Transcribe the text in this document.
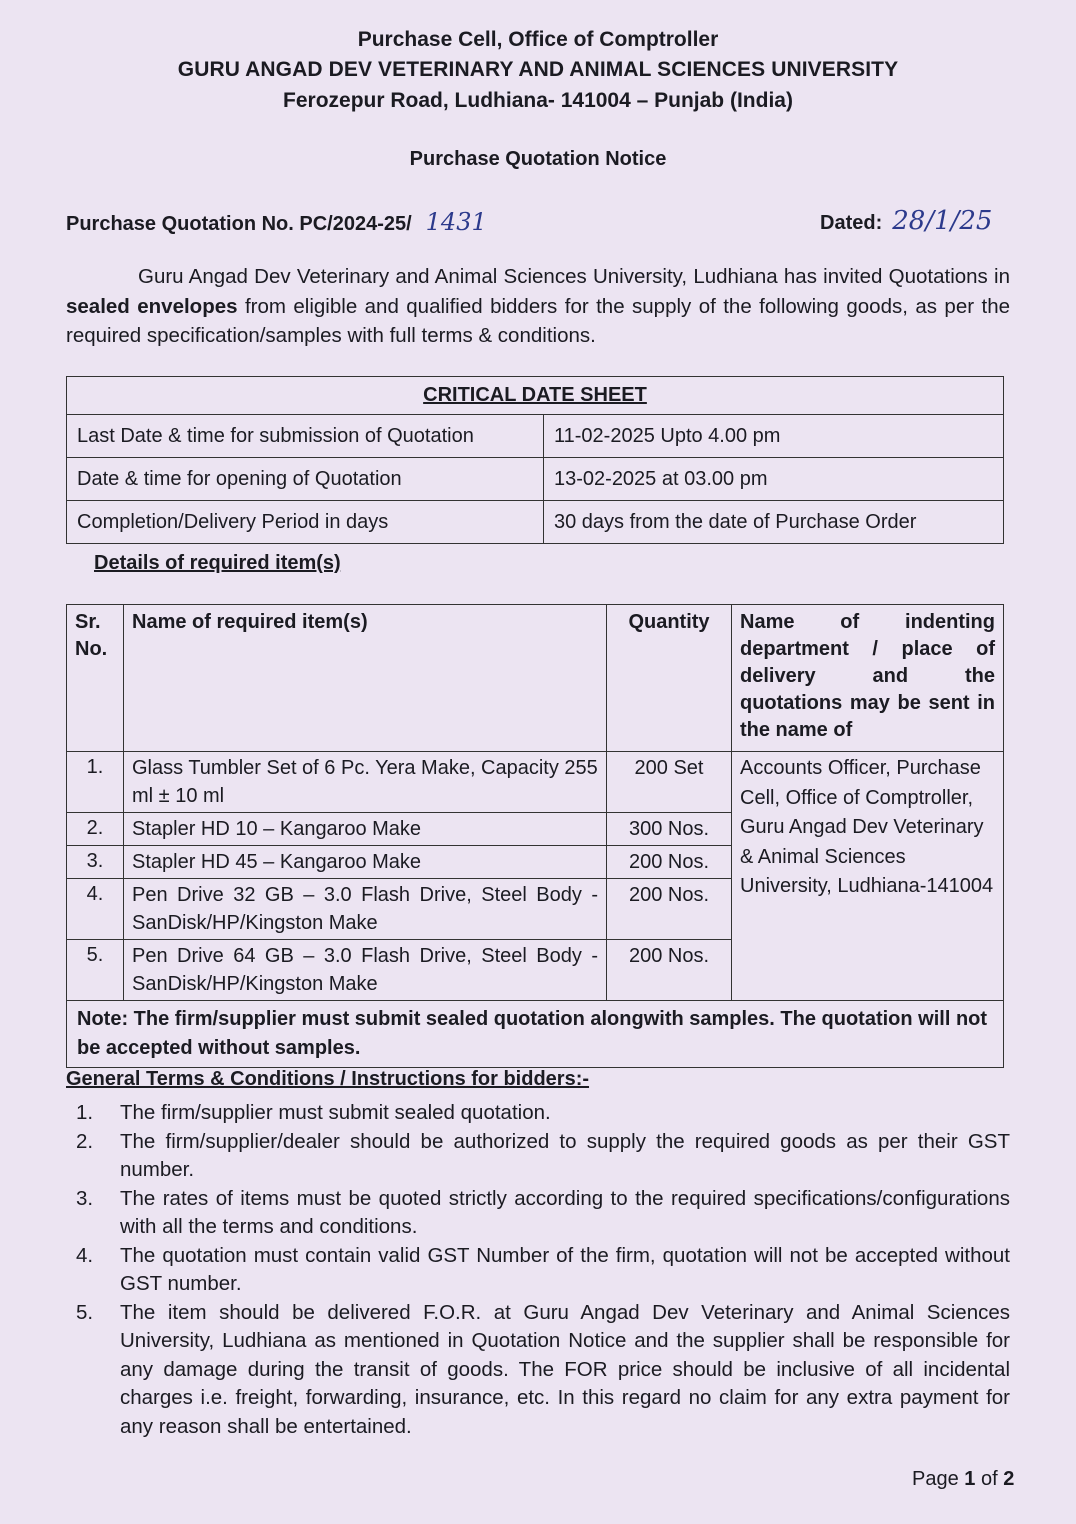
Purchase Cell, Office of Comptroller
GURU ANGAD DEV VETERINARY AND ANIMAL SCIENCES UNIVERSITY
Ferozepur Road, Ludhiana- 141004 – Punjab (India)
Purchase Quotation Notice
Purchase Quotation No. PC/2024-25/ 1431	Dated: 28/1/25
Guru Angad Dev Veterinary and Animal Sciences University, Ludhiana has invited Quotations in sealed envelopes from eligible and qualified bidders for the supply of the following goods, as per the required specification/samples with full terms & conditions.
CRITICAL DATE SHEET	
Last Date & time for submission of Quotation	11-02-2025 Upto 4.00 pm
Date & time for opening of Quotation	13-02-2025 at 03.00 pm
Completion/Delivery Period in days	30 days from the date of Purchase Order
Details of required item(s)
Sr. No.	Name of required item(s)	Quantity	Name of indenting department / place of delivery and the quotations may be sent in the name of
1.	Glass Tumbler Set of 6 Pc. Yera Make, Capacity 255 ml ± 10 ml	200 Set	Accounts Officer, Purchase Cell, Office of Comptroller, Guru Angad Dev Veterinary & Animal Sciences University, Ludhiana-141004
2.	Stapler HD 10 – Kangaroo Make	300 Nos.	
3.	Stapler HD 45 – Kangaroo Make	200 Nos.	
4.	Pen Drive 32 GB – 3.0 Flash Drive, Steel Body - SanDisk/HP/Kingston Make	200 Nos.	
5.	Pen Drive 64 GB – 3.0 Flash Drive, Steel Body - SanDisk/HP/Kingston Make	200 Nos.	
Note: The firm/supplier must submit sealed quotation alongwith samples. The quotation will not be accepted without samples.			
General Terms & Conditions / Instructions for bidders:-
1. The firm/supplier must submit sealed quotation.
2. The firm/supplier/dealer should be authorized to supply the required goods as per their GST number.
3. The rates of items must be quoted strictly according to the required specifications/configurations with all the terms and conditions.
4. The quotation must contain valid GST Number of the firm, quotation will not be accepted without GST number.
5. The item should be delivered F.O.R. at Guru Angad Dev Veterinary and Animal Sciences University, Ludhiana as mentioned in Quotation Notice and the supplier shall be responsible for any damage during the transit of goods. The FOR price should be inclusive of all incidental charges i.e. freight, forwarding, insurance, etc. In this regard no claim for any extra payment for any reason shall be entertained.
Page 1 of 2
